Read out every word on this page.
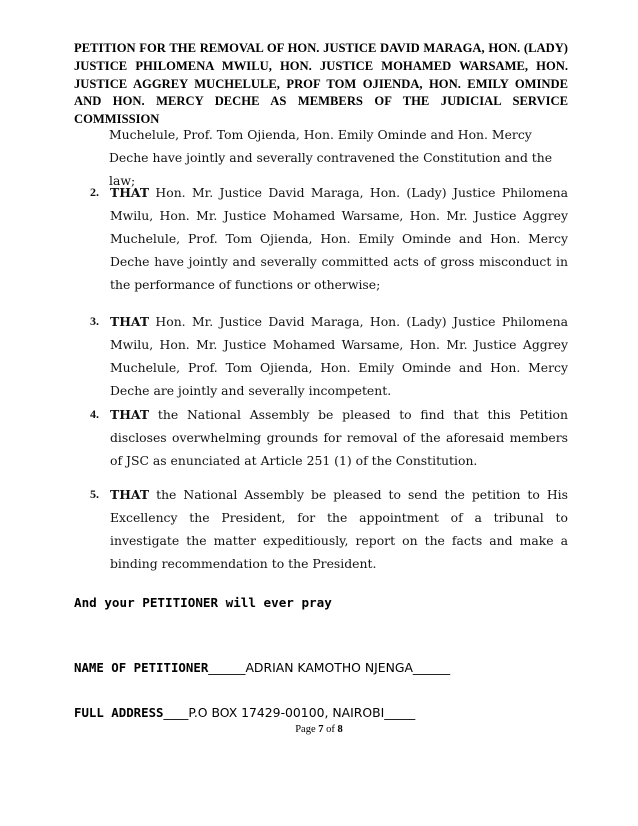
PETITION FOR THE REMOVAL OF HON. JUSTICE DAVID MARAGA, HON. (LADY) JUSTICE PHILOMENA MWILU, HON. JUSTICE MOHAMED WARSAME, HON. JUSTICE AGGREY MUCHELULE, PROF TOM OJIENDA, HON. EMILY OMINDE AND HON. MERCY DECHE AS MEMBERS OF THE JUDICIAL SERVICE COMMISSION
Muchelule, Prof. Tom Ojienda, Hon. Emily Ominde and Hon. Mercy Deche have jointly and severally contravened the Constitution and the law;
2. THAT Hon. Mr. Justice David Maraga, Hon. (Lady) Justice Philomena Mwilu, Hon. Mr. Justice Mohamed Warsame, Hon. Mr. Justice Aggrey Muchelule, Prof. Tom Ojienda, Hon. Emily Ominde and Hon. Mercy Deche have jointly and severally committed acts of gross misconduct in the performance of functions or otherwise;
3. THAT Hon. Mr. Justice David Maraga, Hon. (Lady) Justice Philomena Mwilu, Hon. Mr. Justice Mohamed Warsame, Hon. Mr. Justice Aggrey Muchelule, Prof. Tom Ojienda, Hon. Emily Ominde and Hon. Mercy Deche are jointly and severally incompetent.
4. THAT the National Assembly be pleased to find that this Petition discloses overwhelming grounds for removal of the aforesaid members of JSC as enunciated at Article 251 (1) of the Constitution.
5. THAT the National Assembly be pleased to send the petition to His Excellency the President, for the appointment of a tribunal to investigate the matter expeditiously, report on the facts and make a binding recommendation to the President.
And your PETITIONER will ever pray
NAME OF PETITIONER______ADRIAN KAMOTHO NJENGA______
FULL ADDRESS____P.O BOX 17429-00100, NAIROBI_____
Page 7 of 8
